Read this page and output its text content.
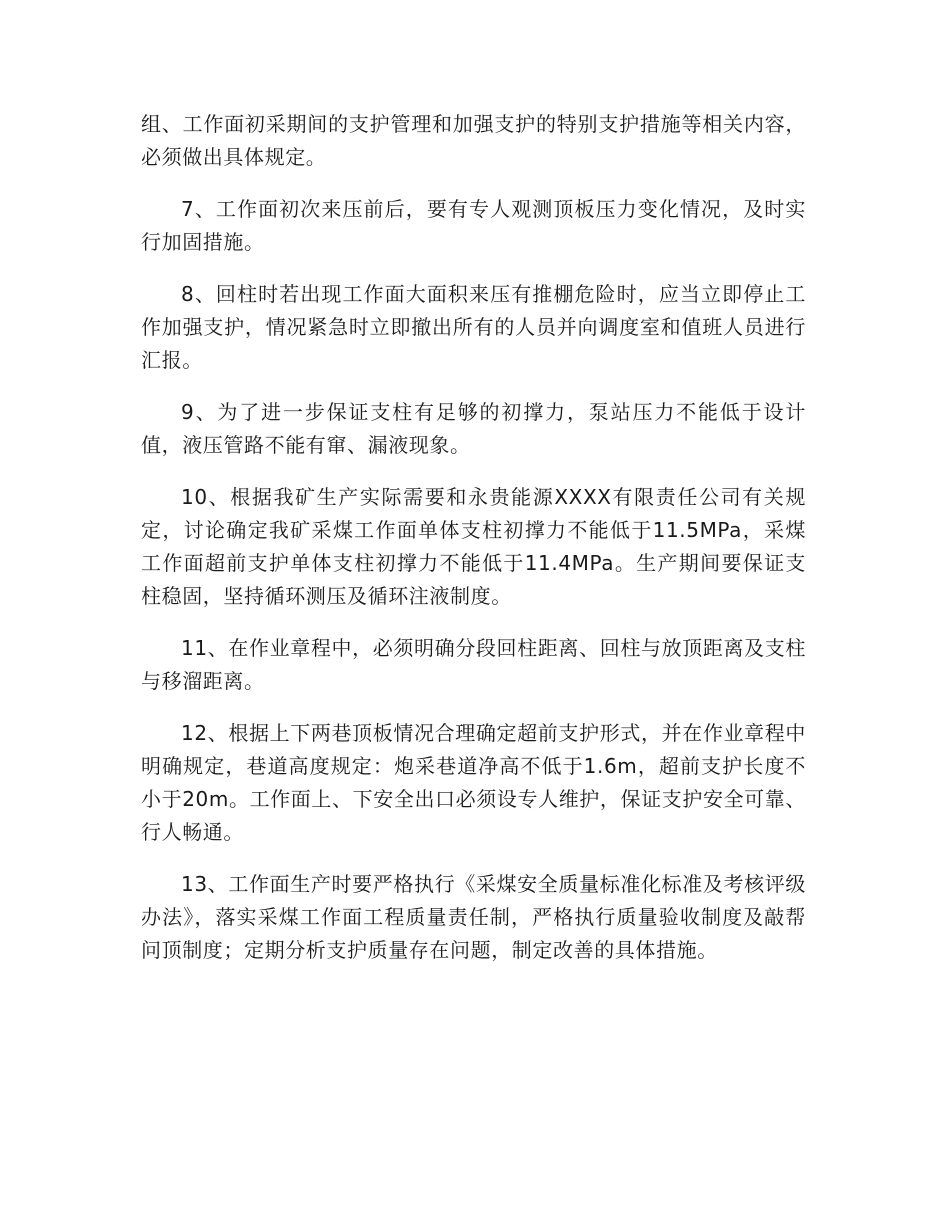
组、工作面初采期间的支护管理和加强支护的特别支护措施等相关内容，必须做出具体规定。

7、工作面初次来压前后，要有专人观测顶板压力变化情况，及时实行加固措施。

8、回柱时若出现工作面大面积来压有推棚危险时，应当立即停止工作加强支护，情况紧急时立即撤出所有的人员并向调度室和值班人员进行汇报。

9、为了进一步保证支柱有足够的初撑力，泵站压力不能低于设计值，液压管路不能有窜、漏液现象。

10、根据我矿生产实际需要和永贵能源XXXX有限责任公司有关规定，讨论确定我矿采煤工作面单体支柱初撑力不能低于11.5MPa，采煤工作面超前支护单体支柱初撑力不能低于11.4MPa。生产期间要保证支柱稳固，坚持循环测压及循环注液制度。

11、在作业章程中，必须明确分段回柱距离、回柱与放顶距离及支柱与移溜距离。

12、根据上下两巷顶板情况合理确定超前支护形式，并在作业章程中明确规定，巷道高度规定：炮采巷道净高不低于1.6m，超前支护长度不小于20m。工作面上、下安全出口必须设专人维护，保证支护安全可靠、行人畅通。

13、工作面生产时要严格执行《采煤安全质量标准化标准及考核评级办法》，落实采煤工作面工程质量责任制，严格执行质量验收制度及敲帮问顶制度；定期分析支护质量存在问题，制定改善的具体措施。
